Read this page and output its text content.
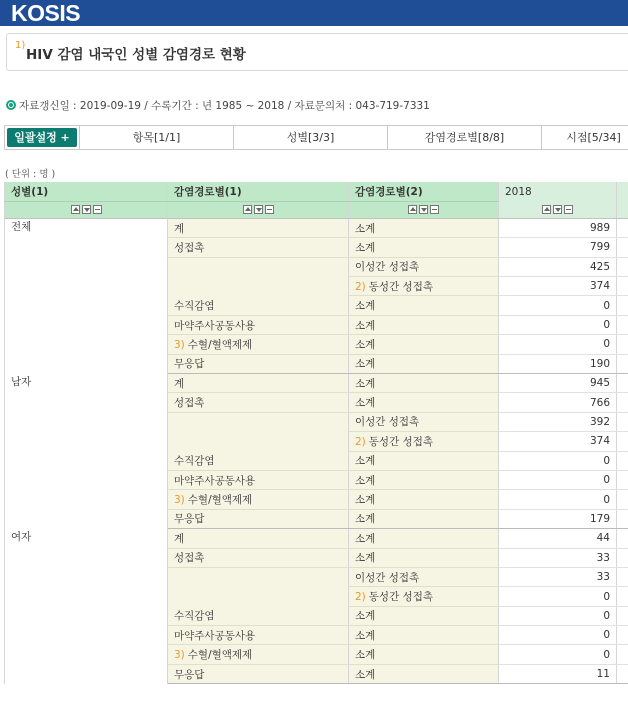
KOSIS
1)
HIV 감염 내국인 성별 감염경로 현황
자료갱신일 : 2019-09-19 / 수록기간 : 년 1985 ~ 2018 / 자료문의처 : 043-719-7331
일괄설정 +	항목[1/1]	성별[3/3]	감염경로별[8/8]	시점[5/34]
( 단위 : 명 )
성별(1)	감염경로별(1)	감염경로별(2)	2018	

전체	계	소계	989	
	성접촉	소계	799	
		이성간 성접촉	425	
		2) 동성간 성접촉	374	
	수직감염	소계	0	
	마약주사공동사용	소계	0	
	3) 수혈/혈액제제	소계	0	
	무응답	소계	190	
남자	계	소계	945	
	성접촉	소계	766	
		이성간 성접촉	392	
		2) 동성간 성접촉	374	
	수직감염	소계	0	
	마약주사공동사용	소계	0	
	3) 수혈/혈액제제	소계	0	
	무응답	소계	179	
여자	계	소계	44	
	성접촉	소계	33	
		이성간 성접촉	33	
		2) 동성간 성접촉	0	
	수직감염	소계	0	
	마약주사공동사용	소계	0	
	3) 수혈/혈액제제	소계	0	
	무응답	소계	11	
